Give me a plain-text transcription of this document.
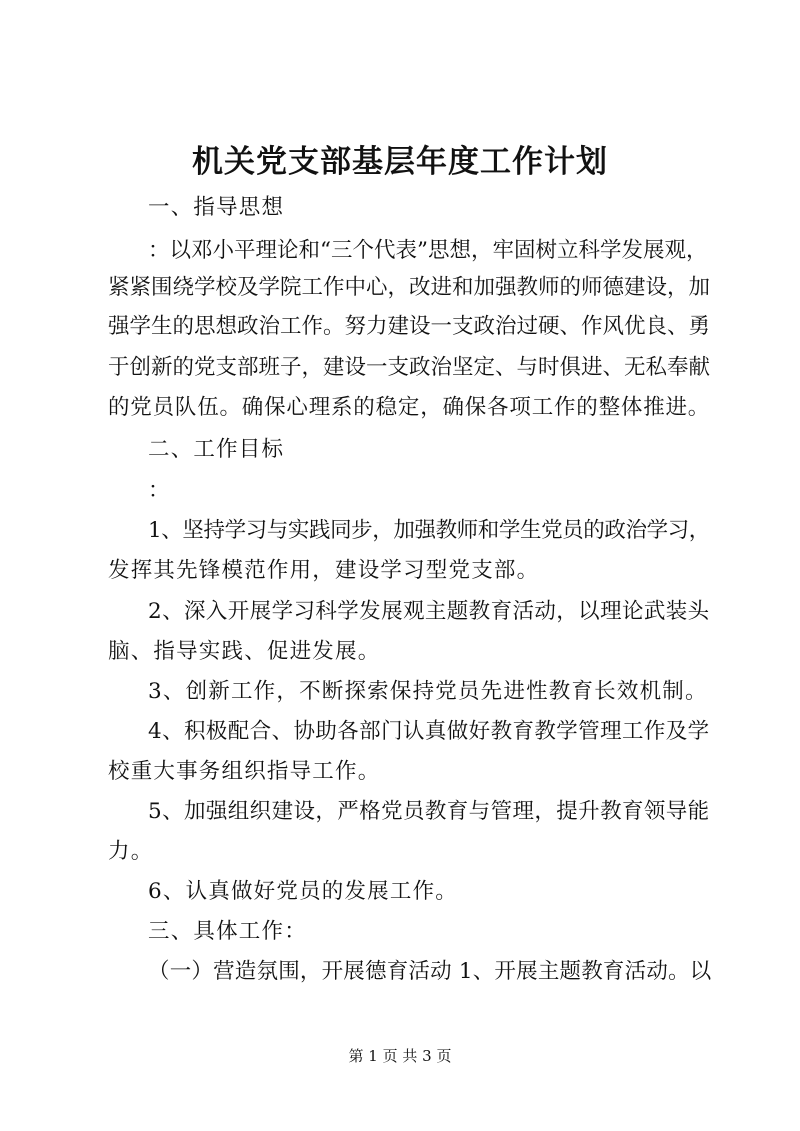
机关党支部基层年度工作计划
一、指导思想
：以邓小平理论和“三个代表”思想，牢固树立科学发展观，
紧紧围绕学校及学院工作中心，改进和加强教师的师德建设，加
强学生的思想政治工作。努力建设一支政治过硬、作风优良、勇
于创新的党支部班子，建设一支政治坚定、与时俱进、无私奉献
的党员队伍。确保心理系的稳定，确保各项工作的整体推进。
二、工作目标
：
1、坚持学习与实践同步，加强教师和学生党员的政治学习，
发挥其先锋模范作用，建设学习型党支部。
2、深入开展学习科学发展观主题教育活动，以理论武装头
脑、指导实践、促进发展。
3、创新工作，不断探索保持党员先进性教育长效机制。
4、积极配合、协助各部门认真做好教育教学管理工作及学
校重大事务组织指导工作。
5、加强组织建设，严格党员教育与管理，提升教育领导能
力。
6、认真做好党员的发展工作。
三、具体工作：
（一）营造氛围，开展德育活动 1、开展主题教育活动。以
第 1 页 共 3 页
